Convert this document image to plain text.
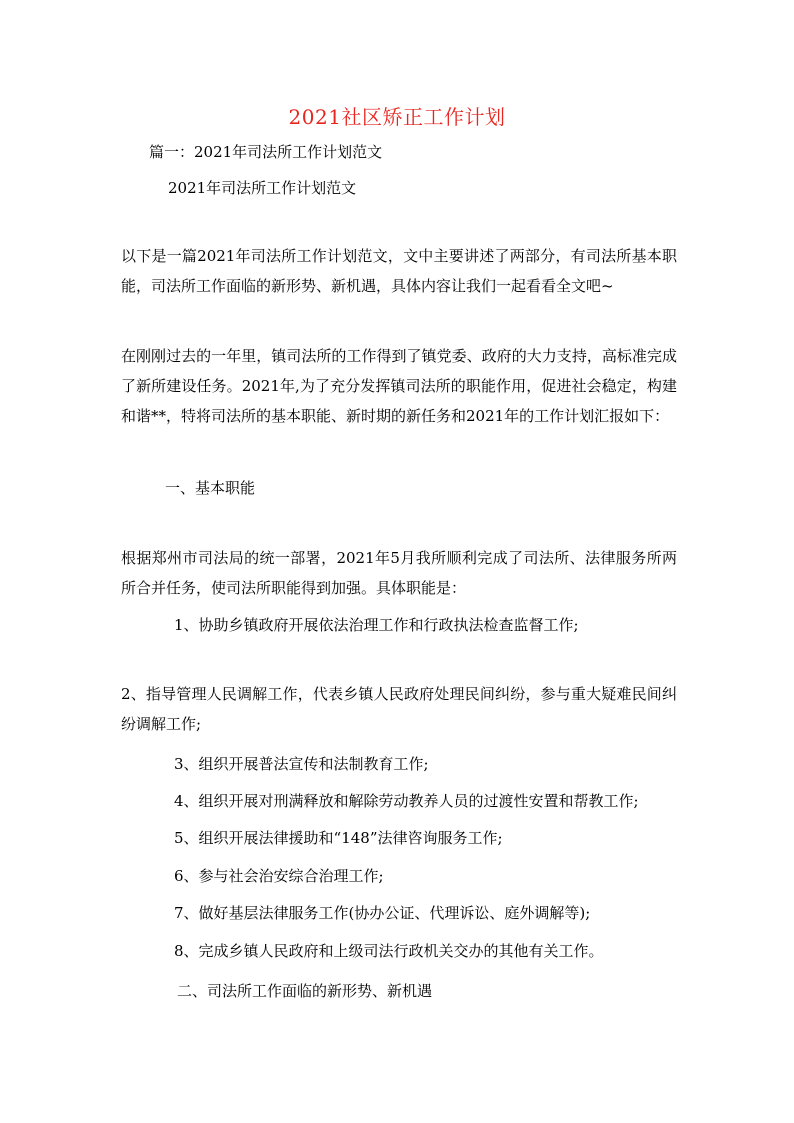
2021社区矫正工作计划
篇一：2021年司法所工作计划范文
2021年司法所工作计划范文
以下是一篇2021年司法所工作计划范文，文中主要讲述了两部分，有司法所基本职能，司法所工作面临的新形势、新机遇，具体内容让我们一起看看全文吧~
在刚刚过去的一年里，镇司法所的工作得到了镇党委、政府的大力支持，高标准完成了新所建设任务。2021年,为了充分发挥镇司法所的职能作用，促进社会稳定，构建和谐**，特将司法所的基本职能、新时期的新任务和2021年的工作计划汇报如下：
一、基本职能
根据郑州市司法局的统一部署，2021年5月我所顺利完成了司法所、法律服务所两所合并任务，使司法所职能得到加强。具体职能是：
1、协助乡镇政府开展依法治理工作和行政执法检查监督工作;
2、指导管理人民调解工作，代表乡镇人民政府处理民间纠纷，参与重大疑难民间纠纷调解工作;
3、组织开展普法宣传和法制教育工作;
4、组织开展对刑满释放和解除劳动教养人员的过渡性安置和帮教工作;
5、组织开展法律援助和“148”法律咨询服务工作;
6、参与社会治安综合治理工作;
7、做好基层法律服务工作(协办公证、代理诉讼、庭外调解等);
8、完成乡镇人民政府和上级司法行政机关交办的其他有关工作。
二、司法所工作面临的新形势、新机遇
